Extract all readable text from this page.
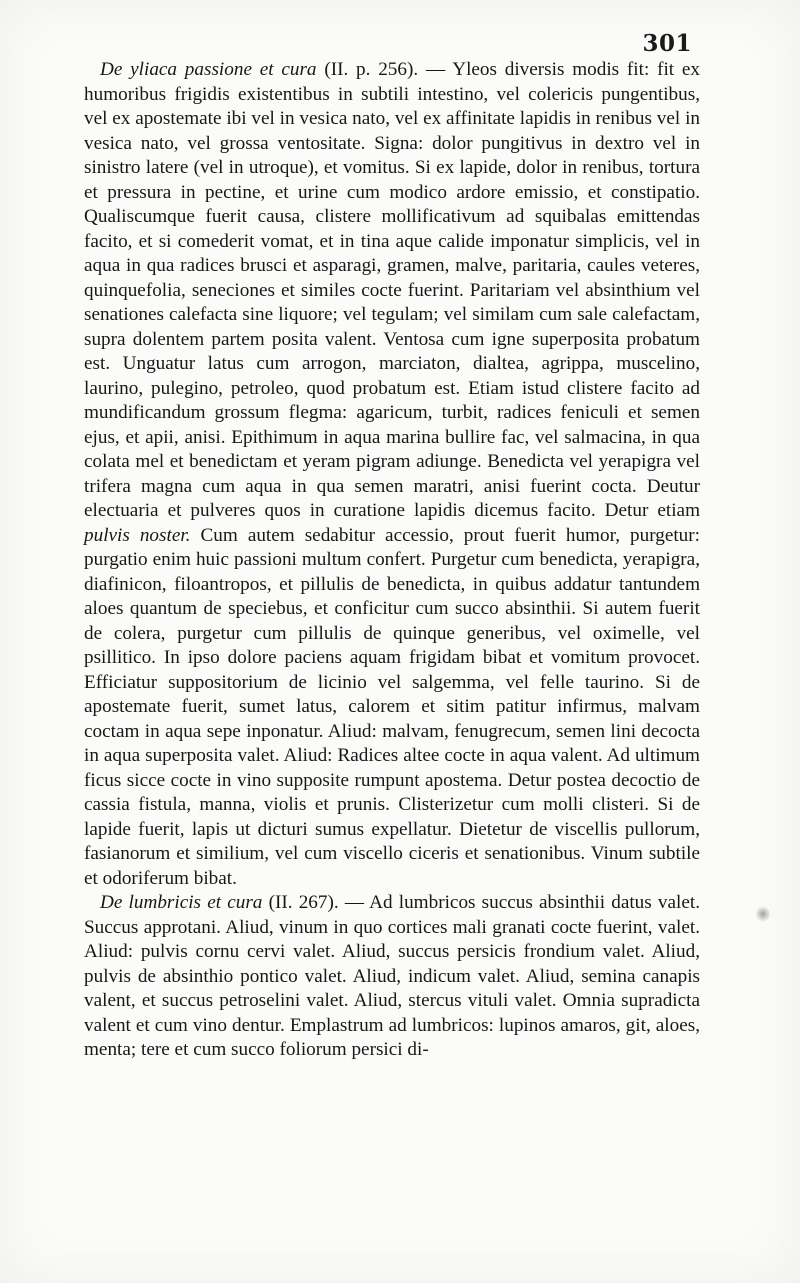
301

De yliaca passione et cura (II. p. 256). — Yleos diversis modis fit: fit ex humoribus frigidis existentibus in subtili intestino, vel colericis pungentibus, vel ex apostemate ibi vel in vesica nato, vel ex affinitate lapidis in renibus vel in vesica nato, vel grossa ventositate. Signa: dolor pungitivus in dextro vel in sinistro latere (vel in utroque), et vomitus. Si ex lapide, dolor in renibus, tortura et pressura in pectine, et urine cum modico ardore emissio, et constipatio. Qualiscumque fuerit causa, clistere mollificativum ad squibalas emittendas facito, et si comederit vomat, et in tina aque calide imponatur simplicis, vel in aqua in qua radices brusci et asparagi, gramen, malve, paritaria, caules veteres, quinquefolia, seneciones et similes cocte fuerint. Paritariam vel absinthium vel senationes calefacta sine liquore; vel tegulam; vel similam cum sale calefactam, supra dolentem partem posita valent. Ventosa cum igne superposita probatum est. Unguatur latus cum arrogon, marciaton, dialtea, agrippa, muscelino, laurino, pulegino, petroleo, quod probatum est. Etiam istud clistere facito ad mundificandum grossum flegma: agaricum, turbit, radices feniculi et semen ejus, et apii, anisi. Epithimum in aqua marina bullire fac, vel salmacina, in qua colata mel et benedictam et yeram pigram adiunge. Benedicta vel yerapigra vel trifera magna cum aqua in qua semen maratri, anisi fuerint cocta. Deutur electuaria et pulveres quos in curatione lapidis dicemus facito. Detur etiam pulvis noster. Cum autem sedabitur accessio, prout fuerit humor, purgetur: purgatio enim huic passioni multum confert. Purgetur cum benedicta, yerapigra, diafinicon, filoantropos, et pillulis de benedicta, in quibus addatur tantundem aloes quantum de speciebus, et conficitur cum succo absinthii. Si autem fuerit de colera, purgetur cum pillulis de quinque generibus, vel oximelle, vel psillitico. In ipso dolore paciens aquam frigidam bibat et vomitum provocet. Efficiatur suppositorium de licinio vel salgemma, vel felle taurino. Si de apostemate fuerit, sumet latus, calorem et sitim patitur infirmus, malvam coctam in aqua sepe inponatur. Aliud: malvam, fenugrecum, semen lini decocta in aqua superposita valet. Aliud: Radices altee cocte in aqua valent. Ad ultimum ficus sicce cocte in vino supposite rumpunt apostema. Detur postea decoctio de cassia fistula, manna, violis et prunis. Clisterizetur cum molli clisteri. Si de lapide fuerit, lapis ut dicturi sumus expellatur. Dietetur de viscellis pullorum, fasianorum et similium, vel cum viscello ciceris et senationibus. Vinum subtile et odoriferum bibat.

De lumbricis et cura (II. 267). — Ad lumbricos succus absinthii datus valet. Succus approtani. Aliud, vinum in quo cortices mali granati cocte fuerint, valet. Aliud: pulvis cornu cervi valet. Aliud, succus persicis frondium valet. Aliud, pulvis de absinthio pontico valet. Aliud, indicum valet. Aliud, semina canapis valent, et succus petroselini valet. Aliud, stercus vituli valet. Omnia supradicta valent et cum vino dentur. Emplastrum ad lumbricos: lupinos amaros, git, aloes, menta; tere et cum succo foliorum persici di-
